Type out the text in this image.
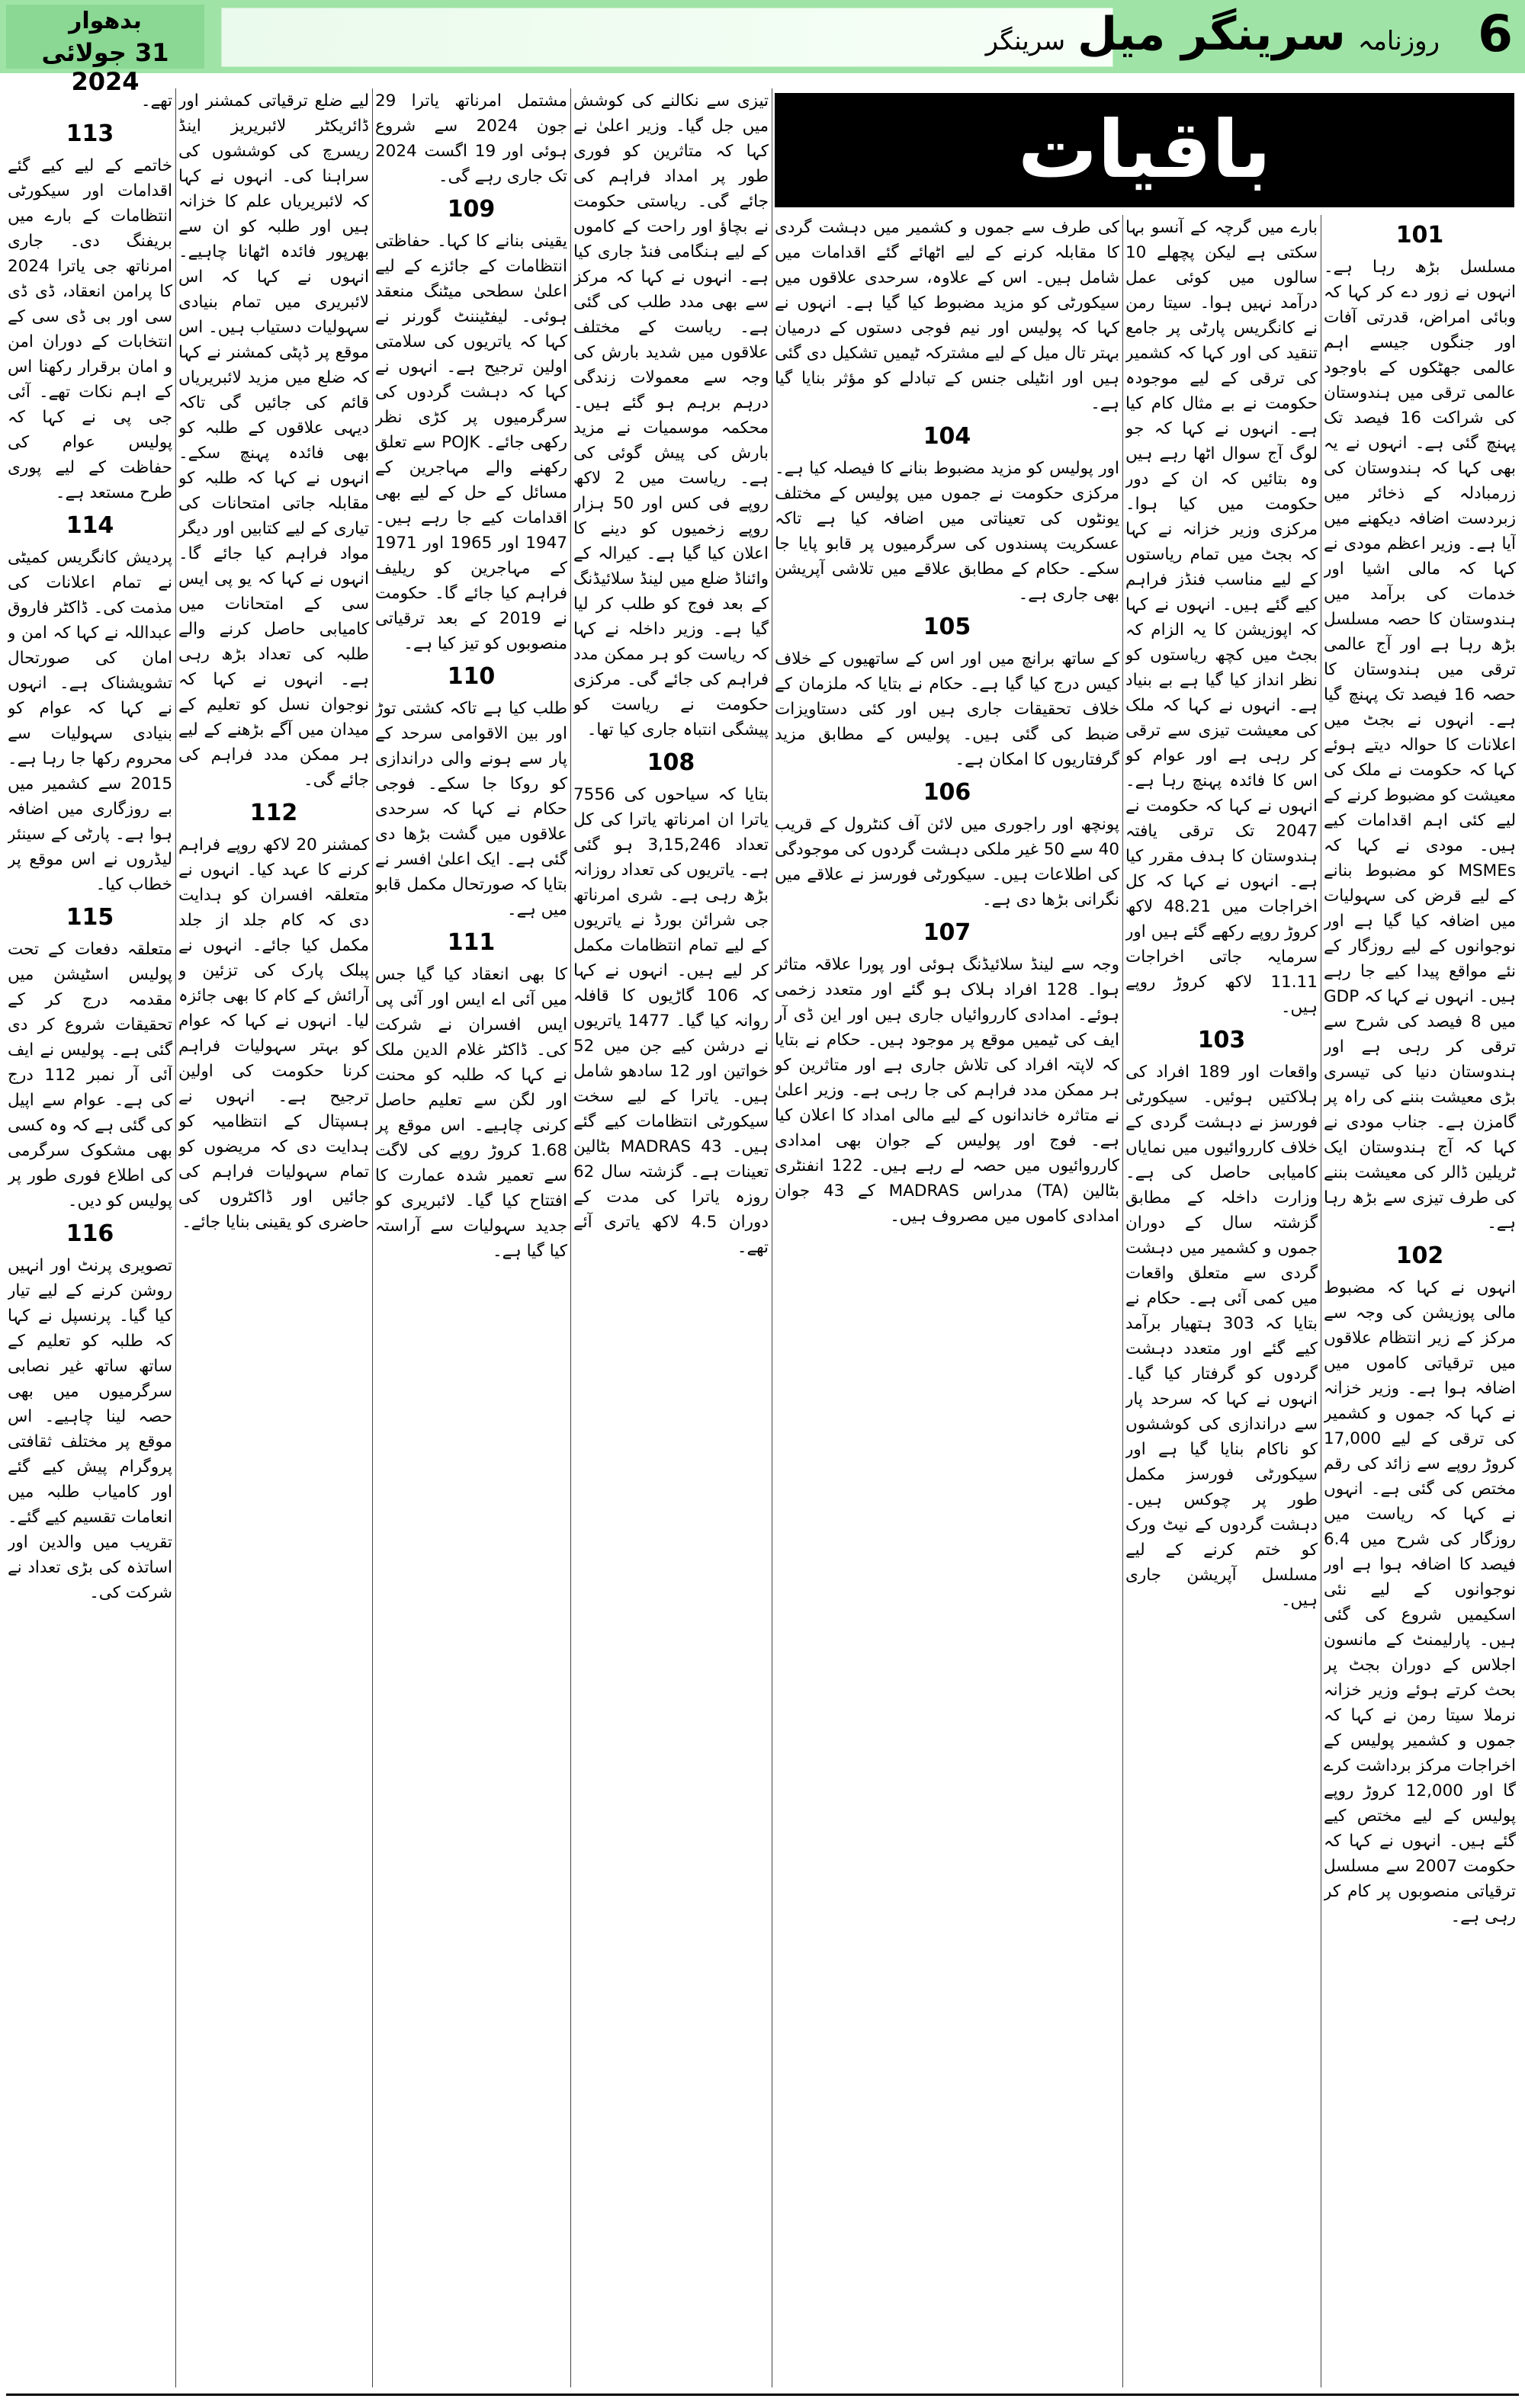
6
روزنامہ
سرینگر میل
سرینگر
بدھوار
31 جولائی 2024
باقیات
101

مسلسل بڑھ رہا ہے۔ انہوں نے زور دے کر کہا کہ وبائی امراض، قدرتی آفات اور جنگوں جیسے اہم عالمی جھٹکوں کے باوجود عالمی ترقی میں ہندوستان کی شراکت 16 فیصد تک پہنچ گئی ہے۔ انہوں نے یہ بھی کہا کہ ہندوستان کی زرمبادلہ کے ذخائر میں زبردست اضافہ دیکھنے میں آیا ہے۔ وزیر اعظم مودی نے کہا کہ مالی اشیا اور خدمات کی برآمد میں ہندوستان کا حصہ مسلسل بڑھ رہا ہے اور آج عالمی ترقی میں ہندوستان کا حصہ 16 فیصد تک پہنچ گیا ہے۔ انہوں نے بجٹ میں اعلانات کا حوالہ دیتے ہوئے کہا کہ حکومت نے ملک کی معیشت کو مضبوط کرنے کے لیے کئی اہم اقدامات کیے ہیں۔ مودی نے کہا کہ MSMEs کو مضبوط بنانے کے لیے قرض کی سہولیات میں اضافہ کیا گیا ہے اور نوجوانوں کے لیے روزگار کے نئے مواقع پیدا کیے جا رہے ہیں۔ انہوں نے کہا کہ GDP میں 8 فیصد کی شرح سے ترقی کر رہی ہے اور ہندوستان دنیا کی تیسری بڑی معیشت بننے کی راہ پر گامزن ہے۔ جناب مودی نے کہا کہ آج ہندوستان ایک ٹریلین ڈالر کی معیشت بننے کی طرف تیزی سے بڑھ رہا ہے۔

102

انہوں نے کہا کہ مضبوط مالی پوزیشن کی وجہ سے مرکز کے زیر انتظام علاقوں میں ترقیاتی کاموں میں اضافہ ہوا ہے۔ وزیر خزانہ نے کہا کہ جموں و کشمیر کی ترقی کے لیے 17,000 کروڑ روپے سے زائد کی رقم مختص کی گئی ہے۔ انہوں نے کہا کہ ریاست میں روزگار کی شرح میں 6.4 فیصد کا اضافہ ہوا ہے اور نوجوانوں کے لیے نئی اسکیمیں شروع کی گئی ہیں۔ پارلیمنٹ کے مانسون اجلاس کے دوران بجٹ پر بحث کرتے ہوئے وزیر خزانہ نرملا سیتا رمن نے کہا کہ جموں و کشمیر پولیس کے اخراجات مرکز برداشت کرے گا اور 12,000 کروڑ روپے پولیس کے لیے مختص کیے گئے ہیں۔ انہوں نے کہا کہ حکومت 2007 سے مسلسل ترقیاتی منصوبوں پر کام کر رہی ہے۔

بارے میں گرچہ کے آنسو بہا سکتی ہے لیکن پچھلے 10 سالوں میں کوئی عمل درآمد نہیں ہوا۔ سیتا رمن نے کانگریس پارٹی پر جامع تنقید کی اور کہا کہ کشمیر کی ترقی کے لیے موجودہ حکومت نے بے مثال کام کیا ہے۔ انہوں نے کہا کہ جو لوگ آج سوال اٹھا رہے ہیں وہ بتائیں کہ ان کے دور حکومت میں کیا ہوا۔ مرکزی وزیر خزانہ نے کہا کہ بجٹ میں تمام ریاستوں کے لیے مناسب فنڈز فراہم کیے گئے ہیں۔ انہوں نے کہا کہ اپوزیشن کا یہ الزام کہ بجٹ میں کچھ ریاستوں کو نظر انداز کیا گیا ہے بے بنیاد ہے۔ انہوں نے کہا کہ ملک کی معیشت تیزی سے ترقی کر رہی ہے اور عوام کو اس کا فائدہ پہنچ رہا ہے۔ انہوں نے کہا کہ حکومت نے 2047 تک ترقی یافتہ ہندوستان کا ہدف مقرر کیا ہے۔ انہوں نے کہا کہ کل اخراجات میں 48.21 لاکھ کروڑ روپے رکھے گئے ہیں اور سرمایہ جاتی اخراجات 11.11 لاکھ کروڑ روپے ہیں۔

103

واقعات اور 189 افراد کی ہلاکتیں ہوئیں۔ سیکورٹی فورسز نے دہشت گردی کے خلاف کارروائیوں میں نمایاں کامیابی حاصل کی ہے۔ وزارت داخلہ کے مطابق گزشتہ سال کے دوران جموں و کشمیر میں دہشت گردی سے متعلق واقعات میں کمی آئی ہے۔ حکام نے بتایا کہ 303 ہتھیار برآمد کیے گئے اور متعدد دہشت گردوں کو گرفتار کیا گیا۔ انہوں نے کہا کہ سرحد پار سے دراندازی کی کوششوں کو ناکام بنایا گیا ہے اور سیکورٹی فورسز مکمل طور پر چوکس ہیں۔ دہشت گردوں کے نیٹ ورک کو ختم کرنے کے لیے مسلسل آپریشن جاری ہیں۔

کی طرف سے جموں و کشمیر میں دہشت گردی کا مقابلہ کرنے کے لیے اٹھائے گئے اقدامات میں شامل ہیں۔ اس کے علاوہ، سرحدی علاقوں میں سیکورٹی کو مزید مضبوط کیا گیا ہے۔ انہوں نے کہا کہ پولیس اور نیم فوجی دستوں کے درمیان بہتر تال میل کے لیے مشترکہ ٹیمیں تشکیل دی گئی ہیں اور انٹیلی جنس کے تبادلے کو مؤثر بنایا گیا ہے۔

104

اور پولیس کو مزید مضبوط بنانے کا فیصلہ کیا ہے۔ مرکزی حکومت نے جموں میں پولیس کے مختلف یونٹوں کی تعیناتی میں اضافہ کیا ہے تاکہ عسکریت پسندوں کی سرگرمیوں پر قابو پایا جا سکے۔ حکام کے مطابق علاقے میں تلاشی آپریشن بھی جاری ہے۔

105

کے ساتھ برانچ میں اور اس کے ساتھیوں کے خلاف کیس درج کیا گیا ہے۔ حکام نے بتایا کہ ملزمان کے خلاف تحقیقات جاری ہیں اور کئی دستاویزات ضبط کی گئی ہیں۔ پولیس کے مطابق مزید گرفتاریوں کا امکان ہے۔

106

پونچھ اور راجوری میں لائن آف کنٹرول کے قریب 40 سے 50 غیر ملکی دہشت گردوں کی موجودگی کی اطلاعات ہیں۔ سیکورٹی فورسز نے علاقے میں نگرانی بڑھا دی ہے۔

107

وجہ سے لینڈ سلائیڈنگ ہوئی اور پورا علاقہ متاثر ہوا۔ 128 افراد ہلاک ہو گئے اور متعدد زخمی ہوئے۔ امدادی کارروائیاں جاری ہیں اور این ڈی آر ایف کی ٹیمیں موقع پر موجود ہیں۔ حکام نے بتایا کہ لاپتہ افراد کی تلاش جاری ہے اور متاثرین کو ہر ممکن مدد فراہم کی جا رہی ہے۔ وزیر اعلیٰ نے متاثرہ خاندانوں کے لیے مالی امداد کا اعلان کیا ہے۔ فوج اور پولیس کے جوان بھی امدادی کارروائیوں میں حصہ لے رہے ہیں۔ 122 انفنٹری بٹالین (TA) مدراس MADRAS کے 43 جوان امدادی کاموں میں مصروف ہیں۔

تیزی سے نکالنے کی کوشش میں جل گیا۔ وزیر اعلیٰ نے کہا کہ متاثرین کو فوری طور پر امداد فراہم کی جائے گی۔ ریاستی حکومت نے بچاؤ اور راحت کے کاموں کے لیے ہنگامی فنڈ جاری کیا ہے۔ انہوں نے کہا کہ مرکز سے بھی مدد طلب کی گئی ہے۔ ریاست کے مختلف علاقوں میں شدید بارش کی وجہ سے معمولات زندگی درہم برہم ہو گئے ہیں۔ محکمہ موسمیات نے مزید بارش کی پیش گوئی کی ہے۔ ریاست میں 2 لاکھ روپے فی کس اور 50 ہزار روپے زخمیوں کو دینے کا اعلان کیا گیا ہے۔ کیرالہ کے وائناڈ ضلع میں لینڈ سلائیڈنگ کے بعد فوج کو طلب کر لیا گیا ہے۔ وزیر داخلہ نے کہا کہ ریاست کو ہر ممکن مدد فراہم کی جائے گی۔ مرکزی حکومت نے ریاست کو پیشگی انتباہ جاری کیا تھا۔

108

بتایا کہ سیاحوں کی 7556 یاترا ان امرناتھ یاترا کی کل تعداد 3,15,246 ہو گئی ہے۔ یاتریوں کی تعداد روزانہ بڑھ رہی ہے۔ شری امرناتھ جی شرائن بورڈ نے یاتریوں کے لیے تمام انتظامات مکمل کر لیے ہیں۔ انہوں نے کہا کہ 106 گاڑیوں کا قافلہ روانہ کیا گیا۔ 1477 یاتریوں نے درشن کیے جن میں 52 خواتین اور 12 سادھو شامل ہیں۔ یاترا کے لیے سخت سیکورٹی انتظامات کیے گئے ہیں۔ MADRAS 43 بٹالین تعینات ہے۔ گزشتہ سال 62 روزہ یاترا کی مدت کے دوران 4.5 لاکھ یاتری آئے تھے۔

مشتمل امرناتھ یاترا 29 جون 2024 سے شروع ہوئی اور 19 اگست 2024 تک جاری رہے گی۔

109

یقینی بنانے کا کہا۔ حفاظتی انتظامات کے جائزے کے لیے اعلیٰ سطحی میٹنگ منعقد ہوئی۔ لیفٹیننٹ گورنر نے کہا کہ یاتریوں کی سلامتی اولین ترجیح ہے۔ انہوں نے کہا کہ دہشت گردوں کی سرگرمیوں پر کڑی نظر رکھی جائے۔ POJK سے تعلق رکھنے والے مہاجرین کے مسائل کے حل کے لیے بھی اقدامات کیے جا رہے ہیں۔ 1947 اور 1965 اور 1971 کے مہاجرین کو ریلیف فراہم کیا جائے گا۔ حکومت نے 2019 کے بعد ترقیاتی منصوبوں کو تیز کیا ہے۔

110

طلب کیا ہے تاکہ کشتی توڑ اور بین الاقوامی سرحد کے پار سے ہونے والی دراندازی کو روکا جا سکے۔ فوجی حکام نے کہا کہ سرحدی علاقوں میں گشت بڑھا دی گئی ہے۔ ایک اعلیٰ افسر نے بتایا کہ صورتحال مکمل قابو میں ہے۔

111

کا بھی انعقاد کیا گیا جس میں آئی اے ایس اور آئی پی ایس افسران نے شرکت کی۔ ڈاکٹر غلام الدین ملک نے کہا کہ طلبہ کو محنت اور لگن سے تعلیم حاصل کرنی چاہیے۔ اس موقع پر 1.68 کروڑ روپے کی لاگت سے تعمیر شدہ عمارت کا افتتاح کیا گیا۔ لائبریری کو جدید سہولیات سے آراستہ کیا گیا ہے۔

لیے ضلع ترقیاتی کمشنر اور ڈائریکٹر لائبریریز اینڈ ریسرچ کی کوششوں کی سراہنا کی۔ انہوں نے کہا کہ لائبریریاں علم کا خزانہ ہیں اور طلبہ کو ان سے بھرپور فائدہ اٹھانا چاہیے۔ انہوں نے کہا کہ اس لائبریری میں تمام بنیادی سہولیات دستیاب ہیں۔ اس موقع پر ڈپٹی کمشنر نے کہا کہ ضلع میں مزید لائبریریاں قائم کی جائیں گی تاکہ دیہی علاقوں کے طلبہ کو بھی فائدہ پہنچ سکے۔ انہوں نے کہا کہ طلبہ کو مقابلہ جاتی امتحانات کی تیاری کے لیے کتابیں اور دیگر مواد فراہم کیا جائے گا۔ انہوں نے کہا کہ یو پی ایس سی کے امتحانات میں کامیابی حاصل کرنے والے طلبہ کی تعداد بڑھ رہی ہے۔ انہوں نے کہا کہ نوجوان نسل کو تعلیم کے میدان میں آگے بڑھنے کے لیے ہر ممکن مدد فراہم کی جائے گی۔

112

کمشنر 20 لاکھ روپے فراہم کرنے کا عہد کیا۔ انہوں نے متعلقہ افسران کو ہدایت دی کہ کام جلد از جلد مکمل کیا جائے۔ انہوں نے پبلک پارک کی تزئین و آرائش کے کام کا بھی جائزہ لیا۔ انہوں نے کہا کہ عوام کو بہتر سہولیات فراہم کرنا حکومت کی اولین ترجیح ہے۔ انہوں نے ہسپتال کے انتظامیہ کو ہدایت دی کہ مریضوں کو تمام سہولیات فراہم کی جائیں اور ڈاکٹروں کی حاضری کو یقینی بنایا جائے۔

تھے۔

113

خاتمے کے لیے کیے گئے اقدامات اور سیکورٹی انتظامات کے بارے میں بریفنگ دی۔ جاری امرناتھ جی یاترا 2024 کا پرامن انعقاد، ڈی ڈی سی اور بی ڈی سی کے انتخابات کے دوران امن و امان برقرار رکھنا اس کے اہم نکات تھے۔ آئی جی پی نے کہا کہ پولیس عوام کی حفاظت کے لیے پوری طرح مستعد ہے۔

114

پردیش کانگریس کمیٹی نے تمام اعلانات کی مذمت کی۔ ڈاکٹر فاروق عبداللہ نے کہا کہ امن و امان کی صورتحال تشویشناک ہے۔ انہوں نے کہا کہ عوام کو بنیادی سہولیات سے محروم رکھا جا رہا ہے۔ 2015 سے کشمیر میں بے روزگاری میں اضافہ ہوا ہے۔ پارٹی کے سینئر لیڈروں نے اس موقع پر خطاب کیا۔

115

متعلقہ دفعات کے تحت پولیس اسٹیشن میں مقدمہ درج کر کے تحقیقات شروع کر دی گئی ہے۔ پولیس نے ایف آئی آر نمبر 112 درج کی ہے۔ عوام سے اپیل کی گئی ہے کہ وہ کسی بھی مشکوک سرگرمی کی اطلاع فوری طور پر پولیس کو دیں۔

116

تصویری پرنٹ اور انہیں روشن کرنے کے لیے تیار کیا گیا۔ پرنسپل نے کہا کہ طلبہ کو تعلیم کے ساتھ ساتھ غیر نصابی سرگرمیوں میں بھی حصہ لینا چاہیے۔ اس موقع پر مختلف ثقافتی پروگرام پیش کیے گئے اور کامیاب طلبہ میں انعامات تقسیم کیے گئے۔ تقریب میں والدین اور اساتذہ کی بڑی تعداد نے شرکت کی۔
